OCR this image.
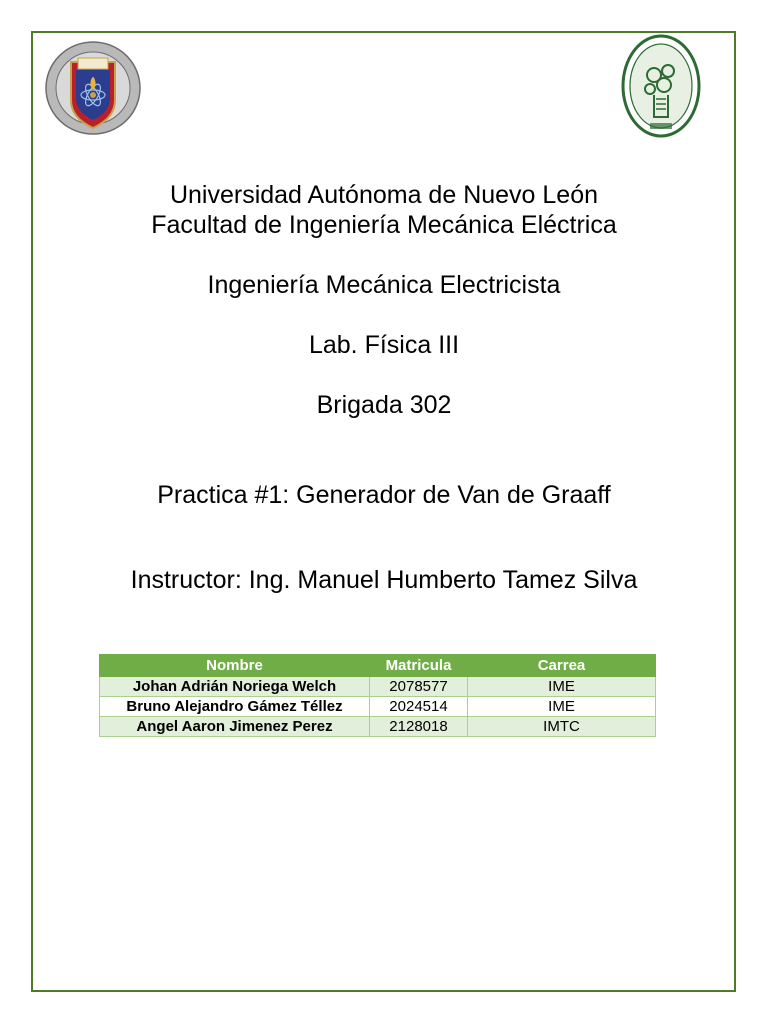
Universidad Autónoma de Nuevo León
Facultad de Ingeniería Mecánica Eléctrica
Ingeniería Mecánica Electricista
Lab. Física III
Brigada 302
Practica #1: Generador de Van de Graaff
Instructor: Ing. Manuel Humberto Tamez Silva
Nombre	Matricula	Carrea
Johan Adrián Noriega Welch	2078577	IME
Bruno Alejandro Gámez Téllez	2024514	IME
Angel Aaron Jimenez Perez	2128018	IMTC
